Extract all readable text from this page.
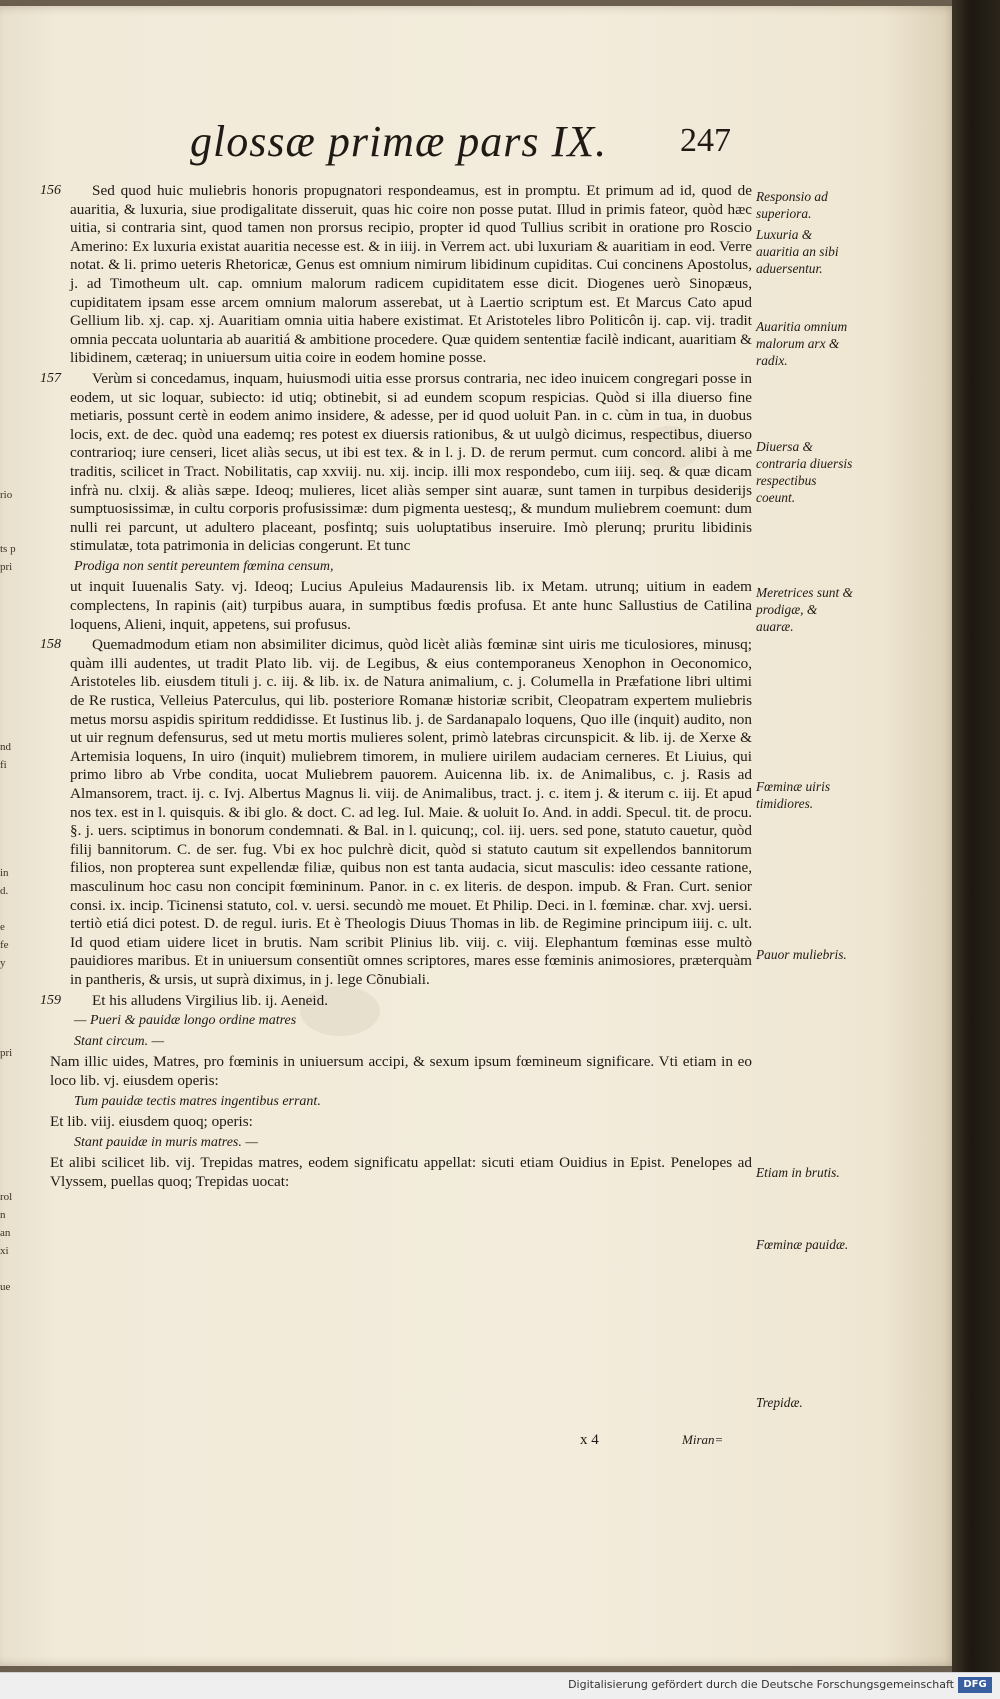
rio

ts p
pri

nd
fi

in
d.

e
fe
y

pri

rol
n
an
xi

ue
glossæ primæ pars IX. 247
156	Sed quod huic muliebris honoris propugnatori respondeamus, est in promptu. Et primum ad id, quod de auaritia, & luxuria, siue prodigalitate disseruit, quas hic coire non posse putat. Illud in primis fateor, quòd hæc uitia, si contraria sint, quod tamen non prorsus recipio, propter id quod Tullius scribit in oratione pro Roscio Amerino: Ex luxuria existat auaritia necesse est. & in iiij. in Verrem act. ubi luxuriam & auaritiam in eod. Verre notat. & li. primo ueteris Rhetoricæ, Genus est omnium nimirum libidinum cupiditas. Cui concinens Apostolus, j. ad Timotheum ult. cap. omnium malorum radicem cupiditatem esse dicit. Diogenes uerò Sinopæus, cupiditatem ipsam esse arcem omnium malorum asserebat, ut à Laertio scriptum est. Et Marcus Cato apud Gellium lib. xj. cap. xj. Auaritiam omnia uitia habere existimat. Et Aristoteles libro Politicôn ij. cap. vij. tradit omnia peccata uoluntaria ab auaritiá & ambitione procedere. Quæ quidem sententiæ facilè indicant, auaritiam & libidinem, cæteraq; in uniuersum uitia coire in eodem homine posse.

157	Verùm si concedamus, inquam, huiusmodi uitia esse prorsus contraria, nec ideo inuicem congregari posse in eodem, ut sic loquar, subiecto: id utiq; obtinebit, si ad eundem scopum respicias. Quòd si illa diuerso fine metiaris, possunt certè in eodem animo insidere, & adesse, per id quod uoluit Pan. in c. cùm in tua, in duobus locis, ext. de dec. quòd una eademq; res potest ex diuersis rationibus, & ut uulgò dicimus, respectibus, diuerso contrarioq; iure censeri, licet aliàs secus, ut ibi est tex. & in l. j. D. de rerum permut. cum concord. alibi à me traditis, scilicet in Tract. Nobilitatis, cap xxviij. nu. xij. incip. illi mox respondebo, cum iiij. seq. & quæ dicam infrà nu. clxij. & aliàs sæpe. Ideoq; mulieres, licet aliàs semper sint auaræ, sunt tamen in turpibus desiderijs sumptuosissimæ, in cultu corporis profusissimæ: dum pigmenta uestesq;, & mundum muliebrem coemunt: dum nulli rei parcunt, ut adultero placeant, posfintq; suis uoluptatibus inseruire. Imò plerunq; pruritu libidinis stimulatæ, tota patrimonia in delicias congerunt. Et tunc

Prodiga non sentit pereuntem fœmina censum,

ut inquit Iuuenalis Saty. vj. Ideoq; Lucius Apuleius Madaurensis lib. ix Metam. utrunq; uitium in eadem complectens, In rapinis (ait) turpibus auara, in sumptibus fœdis profusa. Et ante hunc Sallustius de Catilina loquens, Alieni, inquit, appetens, sui profusus.

158	Quemadmodum etiam non absimiliter dicimus, quòd licèt aliàs fœminæ sint uiris me ticulosiores, minusq; quàm illi audentes, ut tradit Plato lib. vij. de Legibus, & eius contemporaneus Xenophon in Oeconomico, Aristoteles lib. eiusdem tituli j. c. iij. & lib. ix. de Natura animalium, c. j. Columella in Præfatione libri ultimi de Re rustica, Velleius Paterculus, qui lib. posteriore Romanæ historiæ scribit, Cleopatram expertem muliebris metus morsu aspidis spiritum reddidisse. Et Iustinus lib. j. de Sardanapalo loquens, Quo ille (inquit) audito, non ut uir regnum defensurus, sed ut metu mortis mulieres solent, primò latebras circunspicit. & lib. ij. de Xerxe & Artemisia loquens, In uiro (inquit) muliebrem timorem, in muliere uirilem audaciam cerneres. Et Liuius, qui primo libro ab Vrbe condita, uocat Muliebrem pauorem. Auicenna lib. ix. de Animalibus, c. j. Rasis ad Almansorem, tract. ij. c. Ivj. Albertus Magnus li. viij. de Animalibus, tract. j. c. item j. & iterum c. iij. Et apud nos tex. est in l. quisquis. & ibi glo. & doct. C. ad leg. Iul. Maie. & uoluit Io. And. in addi. Specul. tit. de procu. §. j. uers. sciptimus in bonorum condemnati. & Bal. in l. quicunq;, col. iij. uers. sed pone, statuto cauetur, quòd filij bannitorum. C. de ser. fug. Vbi ex hoc pulchrè dicit, quòd si statuto cautum sit expellendos bannitorum filios, non propterea sunt expellendæ filiæ, quibus non est tanta audacia, sicut masculis: ideo cessante ratione, masculinum hoc casu non concipit fœmininum. Panor. in c. ex literis. de despon. impub. & Fran. Curt. senior consi. ix. incip. Ticinensi statuto, col. v. uersi. secundò me mouet. Et Philip. Deci. in l. fœminæ. char. xvj. uersi. tertiò etiá dici potest. D. de regul. iuris. Et è Theologis Diuus Thomas in lib. de Regimine principum iiij. c. ult. Id quod etiam uidere licet in brutis. Nam scribit Plinius lib. viij. c. viij. Elephantum fœminas esse multò pauidiores maribus. Et in uniuersum consentiũt omnes scriptores, mares esse fœminis animosiores, præterquàm in pantheris, & ursis, ut suprà diximus, in j. lege Cõnubiali.

159	Et his alludens Virgilius lib. ij. Aeneid.

— Pueri & pauidæ longo ordine matres
Stant circum. —

Nam illic uides, Matres, pro fœminis in uniuersum accipi, & sexum ipsum fœmineum significare. Vti etiam in eo loco lib. vj. eiusdem operis:

Tum pauidæ tectis matres ingentibus errant.

Et lib. viij. eiusdem quoq; operis:

Stant pauidæ in muris matres. —

Et alibi scilicet lib. vij. Trepidas matres, eodem significatu appellat: sicuti etiam Ouidius in Epist. Penelopes ad Vlyssem, puellas quoq; Trepidas uocat:

Responsio ad superiora.
Luxuria & auaritia an sibi aduersentur.
Auaritia omnium malorum arx & radix.
Diuersa & contraria diuersis respectibus coeunt.
Meretrices sunt & prodigæ, & auaræ.
Fœminæ uiris timidiores.
Pauor muliebris.
Etiam in brutis.
Fœminæ pauidæ.
Trepidæ.
x 4	Miran=
Digitalisierung gefördert durch die Deutsche Forschungsgemeinschaft DFG
